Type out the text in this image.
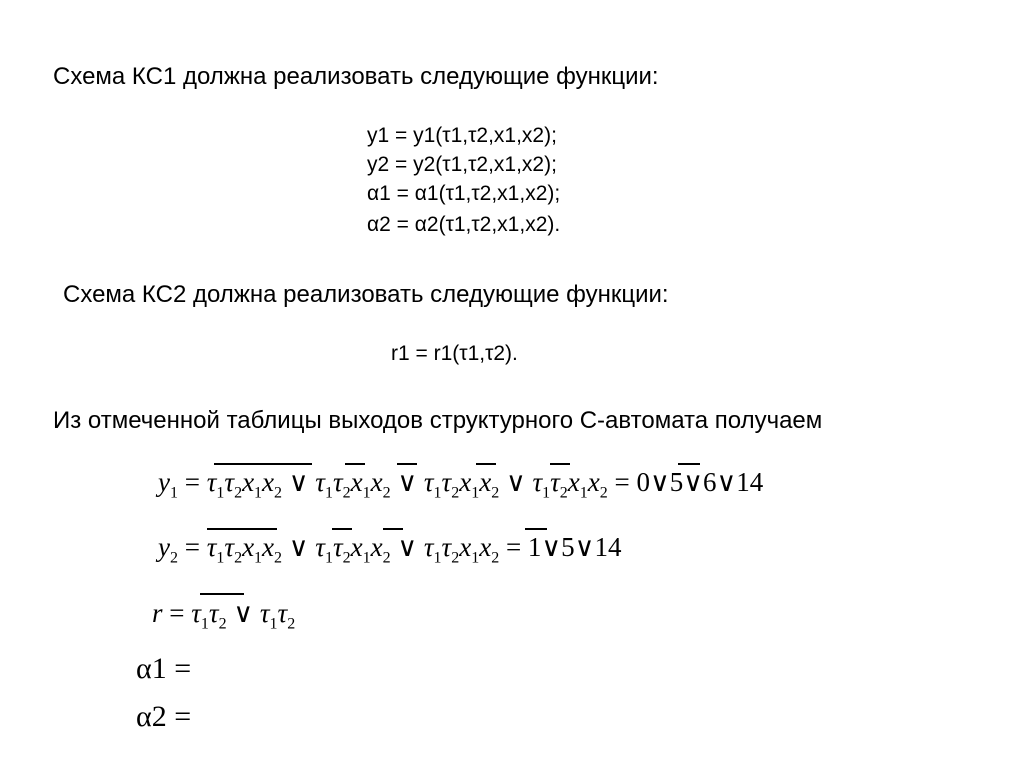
Схема КС1 должна реализовать следующие функции:
y1 = y1(τ1,τ2,x1,x2);
y2 = y2(τ1,τ2,x1,x2);
α1 = α1(τ1,τ2,x1,x2);
α2 = α2(τ1,τ2,x1,x2).
Схема КС2 должна реализовать следующие функции:
r1 = r1(τ1,τ2).
Из отмеченной таблицы выходов структурного С-автомата получаем
$y_1 = \tau_1\tau_2x_1x_2$ ∨ $\tau_1\tau_2x_1x_2$ ∨ $\tau_1\tau_2x_1x_2$ ∨ $\tau_1\tau_2x_1x_2$ = 0∨5∨6∨14
$y_2 = \tau_1\tau_2x_1x_2$ ∨ $\tau_1\tau_2x_1x_2$ ∨ $\tau_1\tau_2x_1x_2$ = 1∨5∨14
$r = \tau_1\tau_2$ ∨ $\tau_1\tau_2$
α1 =
α2 =
